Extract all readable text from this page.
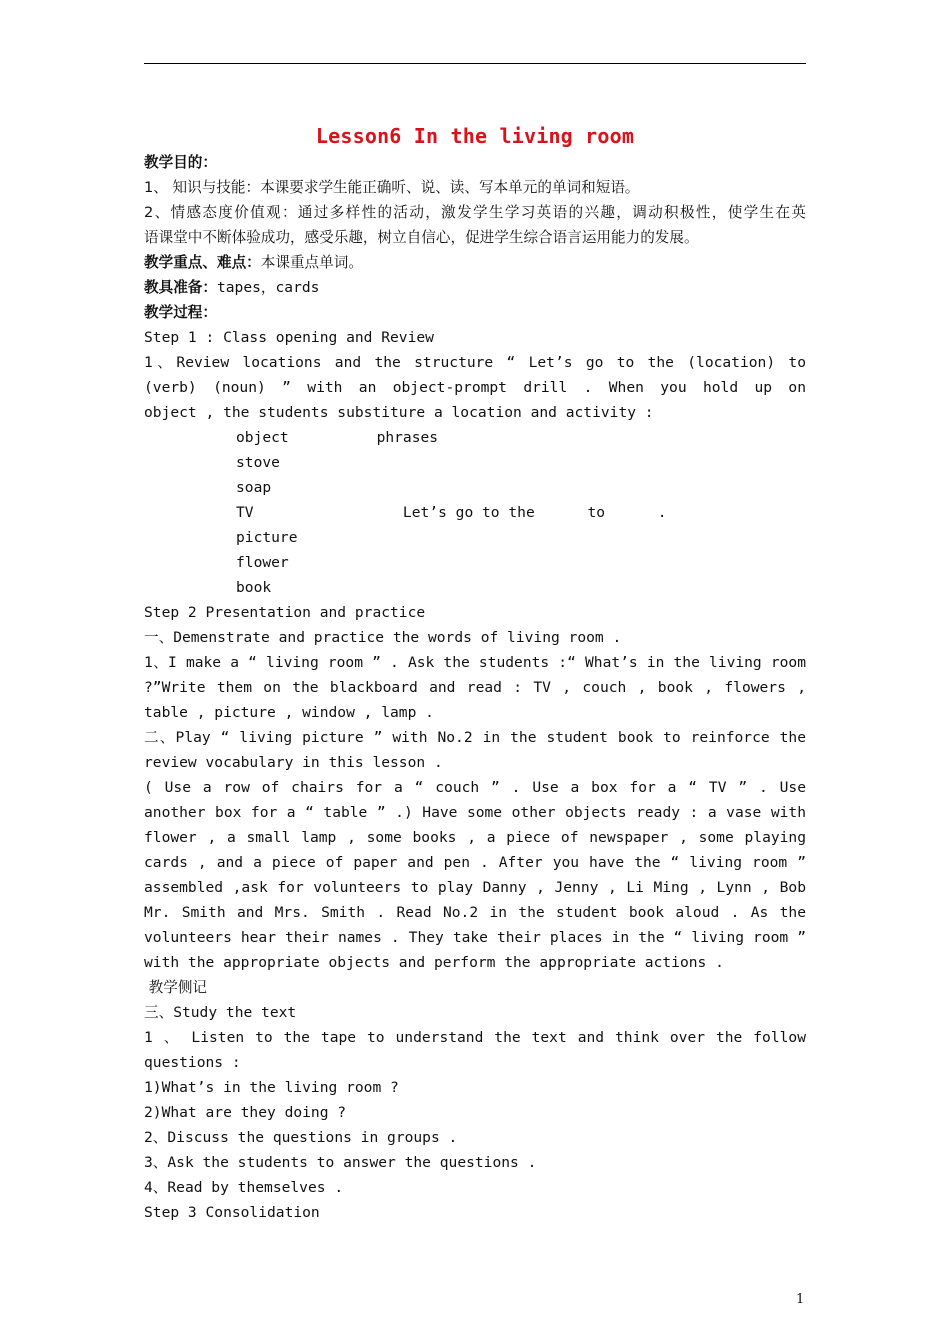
Lesson6 In the living room
教学目的：
1、 知识与技能：本课要求学生能正确听、说、读、写本单元的单词和短语。
2、情感态度价值观：通过多样性的活动，激发学生学习英语的兴趣，调动积极性，使学生在英
语课堂中不断体验成功，感受乐趣，树立自信心，促进学生综合语言运用能力的发展。
教学重点、难点：本课重点单词。
教具准备：tapes，cards
教学过程：
Step 1 : Class opening and Review
1、Review locations and the structure “ Let’s go to the (location) to
(verb) (noun) ” with an object-prompt drill . When you hold up on
object , the students substiture a location and activity :
object          phrases
stove
soap
TV                 Let’s go to the      to      .
picture
flower
book
Step 2 Presentation and practice
一、Demenstrate and practice the words of living room .
1、I make a “ living room ” . Ask the students :“ What’s in the living room
?”Write them on the blackboard and read : TV , couch , book , flowers ,
table , picture , window , lamp .
二、Play “ living picture ” with No.2 in the student book to reinforce the
review vocabulary in this lesson .
( Use a row of chairs for a “ couch ” . Use a box for a “ TV ” . Use
another box for a “ table ” .) Have some other objects ready : a vase with
flower , a small lamp , some books , a piece of newspaper , some playing
cards , and a piece of paper and pen . After you have the “ living room ”
assembled ,ask for volunteers to play Danny , Jenny , Li Ming , Lynn , Bob
Mr. Smith and Mrs. Smith . Read No.2 in the student book aloud . As the
volunteers hear their names . They take their places in the “ living room ”
with the appropriate objects and perform the appropriate actions .
教学侧记
三、Study the text
1 、 Listen to the tape to understand the text and think over the follow
questions :
1)What’s in the living room ?
2)What are they doing ?
2、Discuss the questions in groups .
3、Ask the students to answer the questions .
4、Read by themselves .
Step 3 Consolidation
1
